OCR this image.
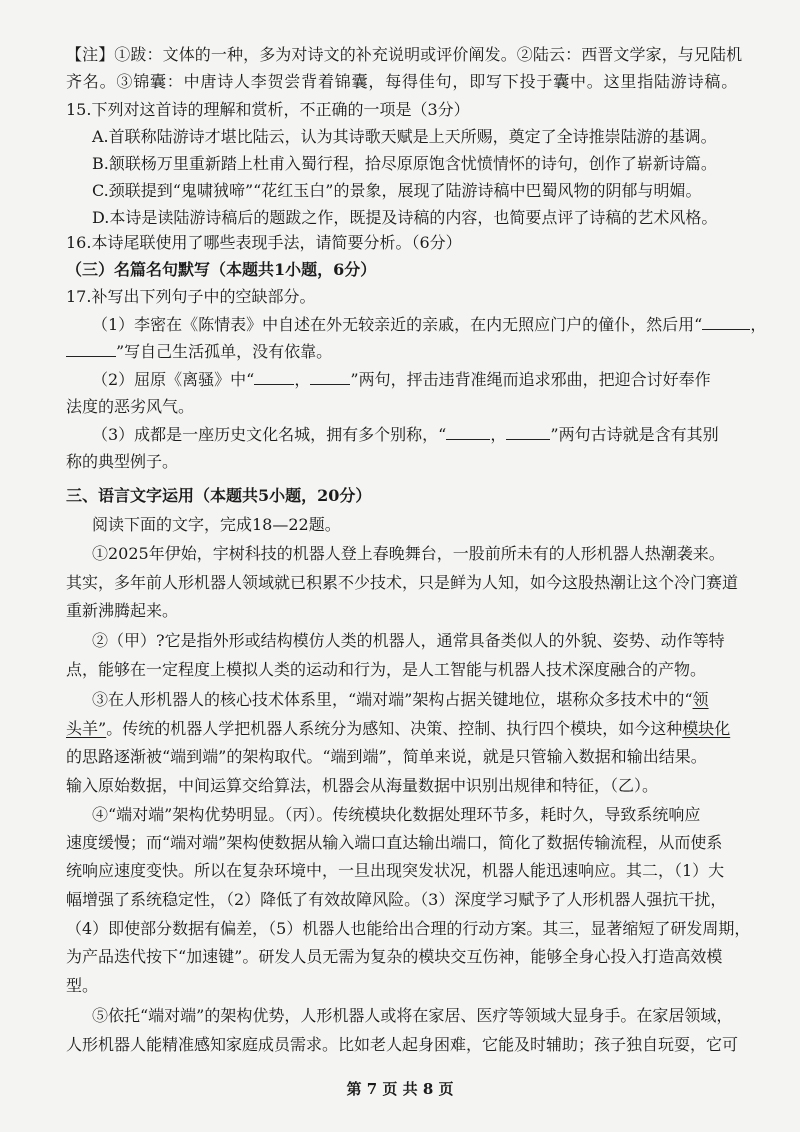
【注】①跋：文体的一种，多为对诗文的补充说明或评价阐发。②陆云：西晋文学家，与兄陆机
齐名。③锦囊：中唐诗人李贺尝背着锦囊，每得佳句，即写下投于囊中。这里指陆游诗稿。
15.下列对这首诗的理解和赏析，不正确的一项是（3分）
A.首联称陆游诗才堪比陆云，认为其诗歌天赋是上天所赐，奠定了全诗推崇陆游的基调。
B.颔联杨万里重新踏上杜甫入蜀行程，拾尽原原饱含忧愤情怀的诗句，创作了崭新诗篇。
C.颈联提到“鬼啸狨啼”“花红玉白”的景象，展现了陆游诗稿中巴蜀风物的阴郁与明媚。
D.本诗是读陆游诗稿后的题跋之作，既提及诗稿的内容，也简要点评了诗稿的艺术风格。
16.本诗尾联使用了哪些表现手法，请简要分析。（6分）
（三）名篇名句默写（本题共1小题，6分）
17.补写出下列句子中的空缺部分。
（1）李密在《陈情表》中自述在外无较亲近的亲戚，在内无照应门户的僮仆，然后用“	，
”写自己生活孤单，没有依靠。
（2）屈原《离骚》中“	，	”两句，抨击违背准绳而追求邪曲，把迎合讨好奉作
法度的恶劣风气。
（3）成都是一座历史文化名城，拥有多个别称，“	，	”两句古诗就是含有其别
称的典型例子。
三、语言文字运用（本题共5小题，20分）
阅读下面的文字，完成18—22题。
①2025年伊始，宇树科技的机器人登上春晚舞台，一股前所未有的人形机器人热潮袭来。
其实，多年前人形机器人领域就已积累不少技术，只是鲜为人知，如今这股热潮让这个冷门赛道
重新沸腾起来。
②（甲）?它是指外形或结构模仿人类的机器人，通常具备类似人的外貌、姿势、动作等特
点，能够在一定程度上模拟人类的运动和行为，是人工智能与机器人技术深度融合的产物。
③在人形机器人的核心技术体系里，“端对端”架构占据关键地位，堪称众多技术中的“领
头羊”。传统的机器人学把机器人系统分为感知、决策、控制、执行四个模块，如今这种模块化
的思路逐渐被“端到端”的架构取代。“端到端”，简单来说，就是只管输入数据和输出结果。
输入原始数据，中间运算交给算法，机器会从海量数据中识别出规律和特征，（乙）。
④“端对端”架构优势明显。（丙）。传统模块化数据处理环节多，耗时久，导致系统响应
速度缓慢；而“端对端”架构使数据从输入端口直达输出端口，简化了数据传输流程，从而使系
统响应速度变快。所以在复杂环境中，一旦出现突发状况，机器人能迅速响应。其二，（1）大
幅增强了系统稳定性，（2）降低了有效故障风险。（3）深度学习赋予了人形机器人强抗干扰，
（4）即使部分数据有偏差，（5）机器人也能给出合理的行动方案。其三，显著缩短了研发周期，
为产品迭代按下“加速键”。研发人员无需为复杂的模块交互伤神，能够全身心投入打造高效模
型。
⑤依托“端对端”的架构优势，人形机器人或将在家居、医疗等领域大显身手。在家居领域，
人形机器人能精准感知家庭成员需求。比如老人起身困难，它能及时辅助；孩子独自玩耍，它可
第 7 页 共 8 页
